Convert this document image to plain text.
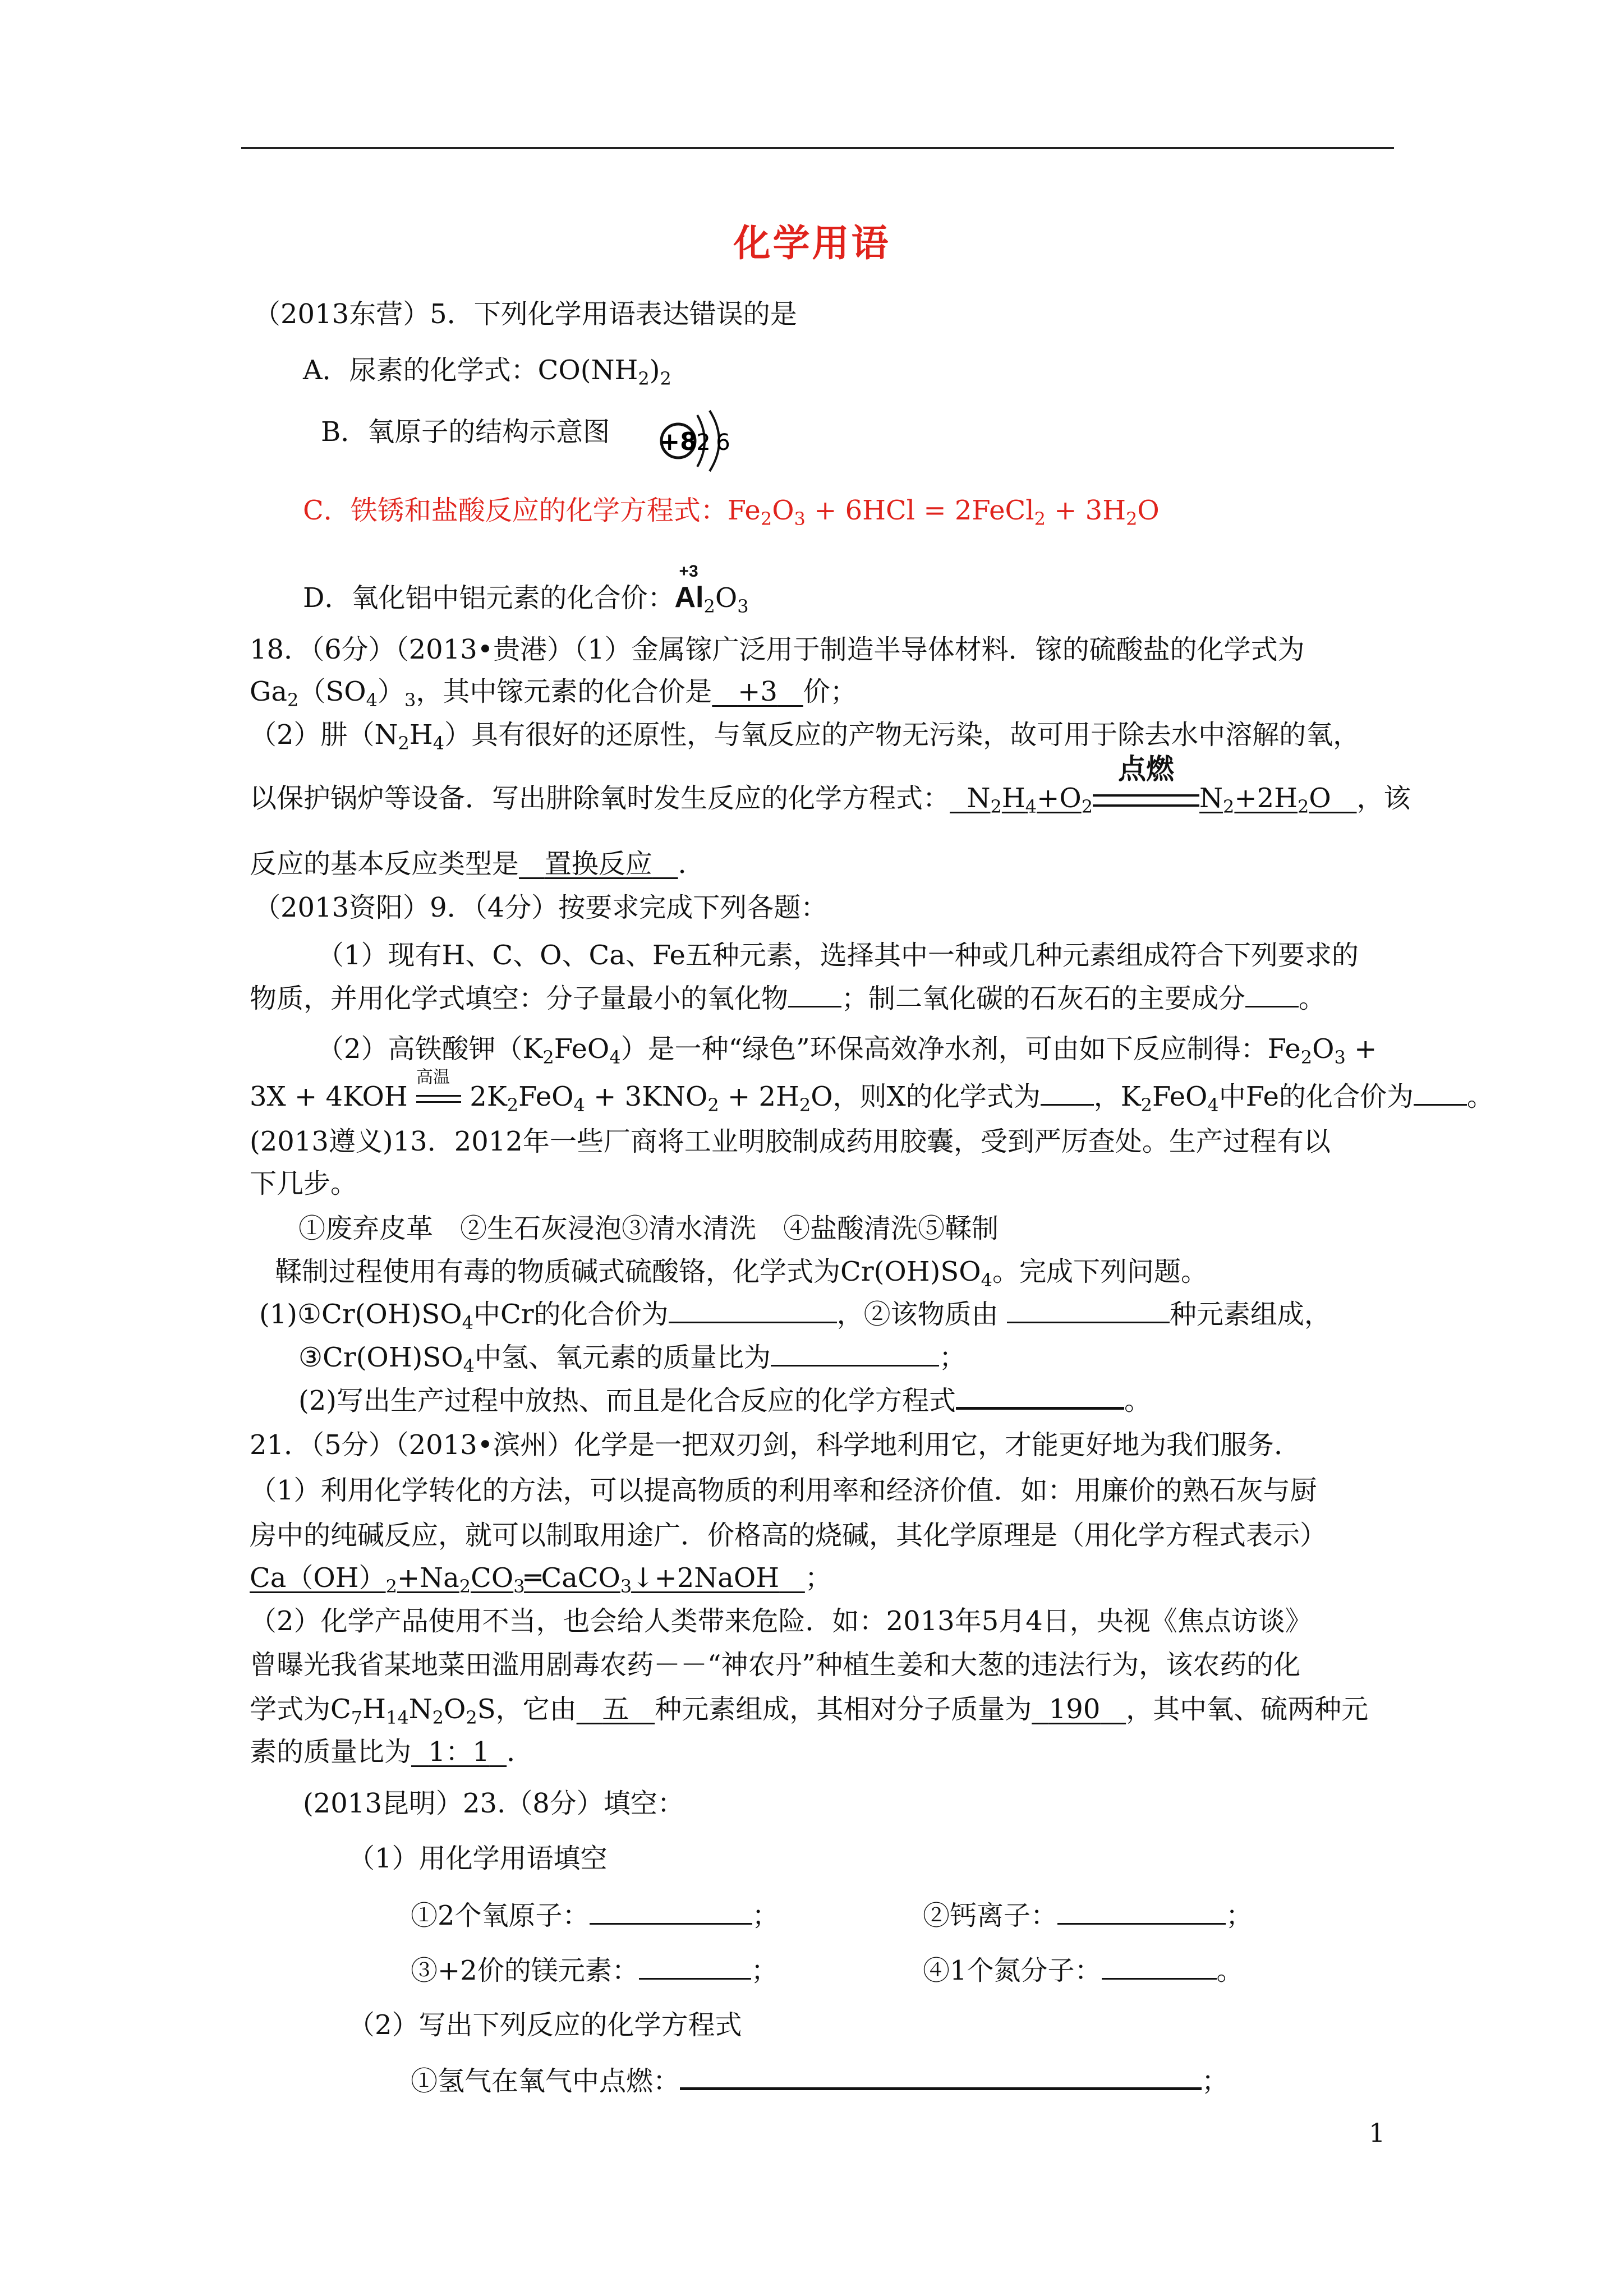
化学用语
（2013东营）5．下列化学用语表达错误的是
A．尿素的化学式：$CO(NH_2)_2$
B．氧原子的结构示意图 +8
2 6
C．铁锈和盐酸反应的化学方程式：$Fe_2O_3 + 6HCl$ = 2FeCl$_2$ + $3H_2O$
D．氧化铝中铝元素的化合价：
+3
$Al_2O_3$
18．（6分）（2013•贵港）（1）金属镓广泛用于制造半导体材料．镓的硫酸盐的化学式为
$Ga_2(SO_4)_3$，其中镓元素的化合价是 +3 价；
（2）肼$(N_2H_4)$具有很好的还原性，与氧反应的产物无污染，故可用于除去水中溶解的氧，
以保护锅炉等设备．写出肼除氧时发生反应的化学方程式： $N_2H_4+O_2$
点燃
$N_2+2H_2O$   ，该
反应的基本反应类型是 置换反应 ．
（2013资阳）9．（4分）按要求完成下列各题：
（1）现有H、C、O、Ca、Fe五种元素，选择其中一种或几种元素组成符合下列要求的
物质，并用化学式填空：分子量最小的氧化物 ；制二氧化碳的石灰石的主要成分 。
（2）高铁酸钾$(K_2FeO_4)$是一种“绿色”环保高效净水剂，可由如下反应制得：$Fe_2O_3$ +
3X + 4KOH
高温
$2K_2FeO_4 + 3KNO_2 + 2H_2O$，则X的化学式为 ，$K_2FeO_4$中Fe的化合价为 。
(2013遵义)13．2012年一些厂商将工业明胶制成药用胶囊，受到严厉查处。生产过程有以
下几步。
①废弃皮革　②生石灰浸泡③清水清洗　④盐酸清洗⑤鞣制
鞣制过程使用有毒的物质碱式硫酸铬，化学式为$Cr(OH)SO_4$。完成下列问题。
$(1)①Cr(OH)SO_4$中Cr的化合价为	，②该物质由	种元素组成，
$③Cr(OH)SO_4$中氢、氧元素的质量比为	；
(2)写出生产过程中放热、而且是化合反应的化学方程式	。
21．（5分）（2013•滨州）化学是一把双刃剑，科学地利用它，才能更好地为我们服务．
（1）利用化学转化的方法，可以提高物质的利用率和经济价值．如：用廉价的熟石灰与厨
房中的纯碱反应，就可以制取用途广．价格高的烧碱，其化学原理是（用化学方程式表示）
$Ca(OH)_2+Na_2CO_3═CaCO_3↓+2NaOH$ ；
（2）化学产品使用不当，也会给人类带来危险．如：2013年5月4日，央视《焦点访谈》
曾曝光我省某地菜田滥用剧毒农药－－“神农丹”种植生姜和大葱的违法行为，该农药的化
学式为$C_7H_{14}N_2O_2S$，它由 五 种元素组成，其相对分子质量为 190 ，其中氧、硫两种元
素的质量比为 1：1 ．
(2013昆明）23.（8分）填空：
（1）用化学用语填空
①2个氧原子：	；	②钙离子：	；
③+2价的镁元素：	；	④1个氮分子：	。
（2）写出下列反应的化学方程式
①氢气在氧气中点燃：	；
1
